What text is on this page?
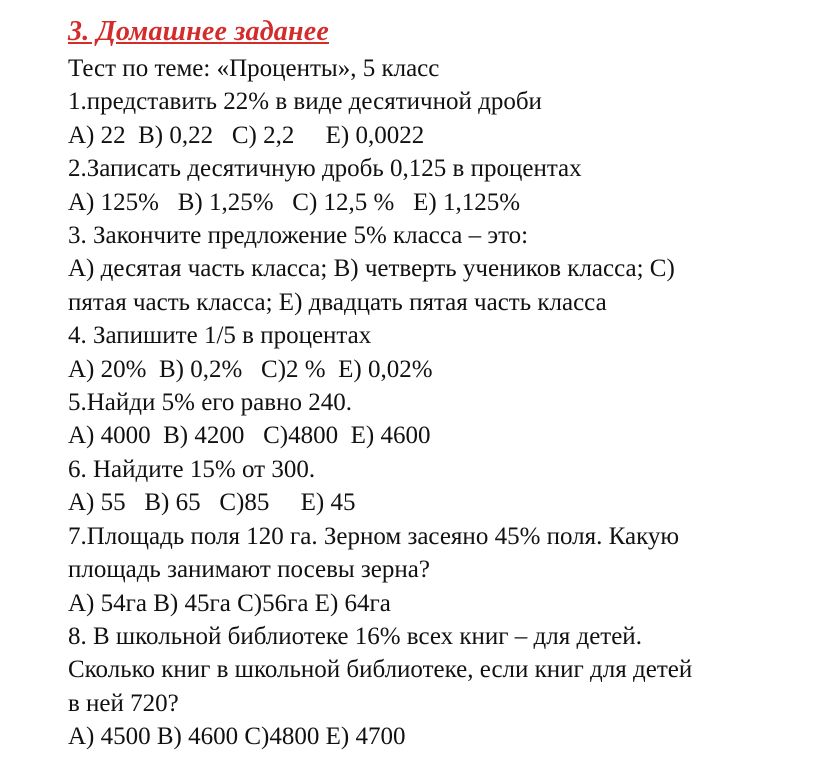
3. Домашнее заданее
Тест по теме: «Проценты», 5 класс
1.представить 22% в виде десятичной дроби
А) 22  В) 0,22   С) 2,2     Е) 0,0022
2.Записать десятичную дробь 0,125 в процентах
А) 125%   В) 1,25%   С) 12,5 %   Е) 1,125%
3. Закончите предложение 5% класса – это:
А) десятая часть класса; В) четверть учеников класса; С)
пятая часть класса; Е) двадцать пятая часть класса
4. Запишите 1/5 в процентах
А) 20%  В) 0,2%   С)2 %  Е) 0,02%
5.Найди 5% его равно 240.
А) 4000  В) 4200   С)4800  Е) 4600
6. Найдите 15% от 300.
А) 55   В) 65   С)85     Е) 45
7.Площадь поля 120 га. Зерном засеяно 45% поля. Какую
площадь занимают посевы зерна?
А) 54га В) 45га С)56га Е) 64га
8. В школьной библиотеке 16% всех книг – для детей.
Сколько книг в школьной библиотеке, если книг для детей
в ней 720?
А) 4500 В) 4600 С)4800 Е) 4700
